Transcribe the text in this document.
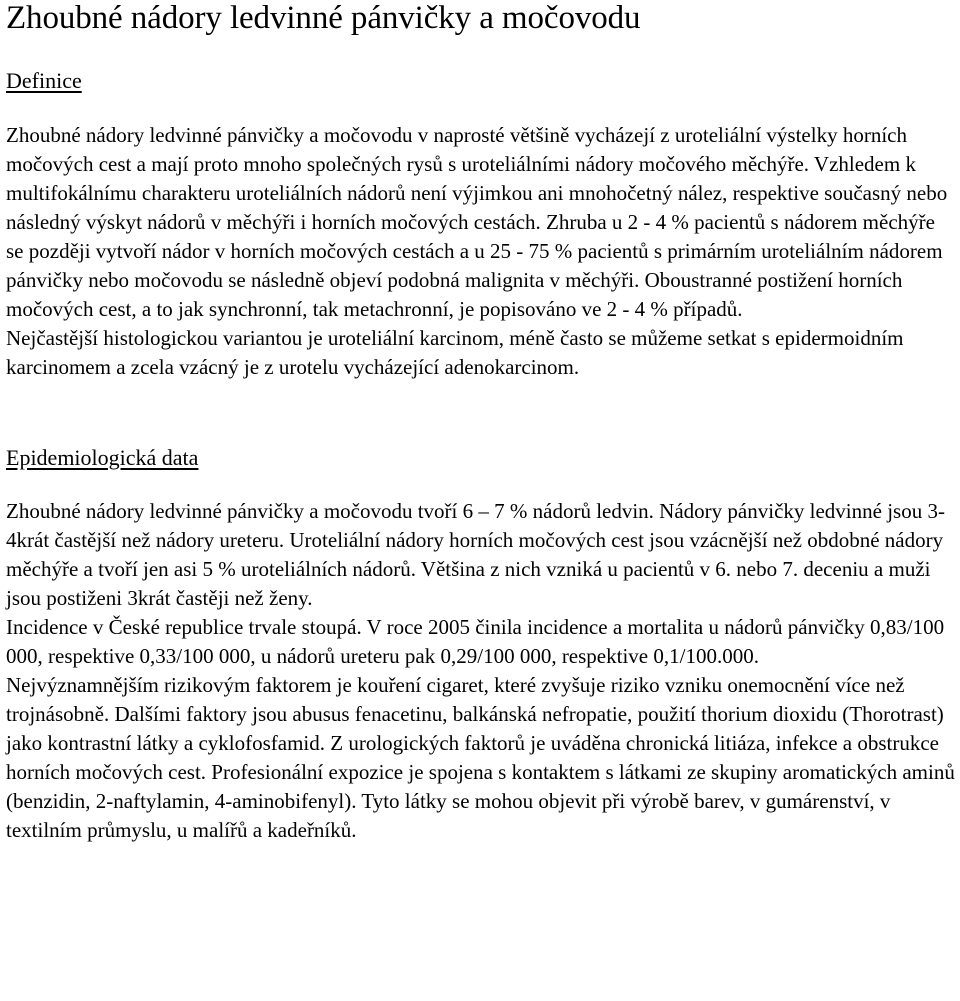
Zhoubné nádory ledvinné pánvičky a močovodu
Definice

Zhoubné nádory ledvinné pánvičky a močovodu v naprosté většině vycházejí z uroteliální výstelky horních močových cest a mají proto mnoho společných rysů s uroteliálními nádory močového měchýře. Vzhledem k multifokálnímu charakteru uroteliálních nádorů není výjimkou ani mnohočetný nález, respektive současný nebo následný výskyt nádorů v měchýři i horních močových cestách. Zhruba u 2 - 4 % pacientů s nádorem měchýře se později vytvoří nádor v horních močových cestách a u 25 - 75 % pacientů s primárním uroteliálním nádorem pánvičky nebo močovodu se následně objeví podobná malignita v měchýři. Oboustranné postižení horních močových cest, a to jak synchronní, tak metachronní, je popisováno ve 2 - 4 % případů.

Nejčastější histologickou variantou je uroteliální karcinom, méně často se můžeme setkat s epidermoidním karcinomem a zcela vzácný je z urotelu vycházející adenokarcinom.

Epidemiologická data

Zhoubné nádory ledvinné pánvičky a močovodu tvoří 6 – 7 % nádorů ledvin. Nádory pánvičky ledvinné jsou 3-4krát častější než nádory ureteru. Uroteliální nádory horních močových cest jsou vzácnější než obdobné nádory měchýře a tvoří jen asi 5 % uroteliálních nádorů. Většina z nich vzniká u pacientů v 6. nebo 7. deceniu a muži jsou postiženi 3krát častěji než ženy.

Incidence v České republice trvale stoupá. V roce 2005 činila incidence a mortalita u nádorů pánvičky 0,83/100 000, respektive 0,33/100 000, u nádorů ureteru pak 0,29/100 000, respektive 0,1/100.000.

Nejvýznamnějším rizikovým faktorem je kouření cigaret, které zvyšuje riziko vzniku onemocnění více než trojnásobně. Dalšími faktory jsou abusus fenacetinu, balkánská nefropatie, použití thorium dioxidu (Thorotrast) jako kontrastní látky a cyklofosfamid. Z urologických faktorů je uváděna chronická litiáza, infekce a obstrukce horních močových cest. Profesionální expozice je spojena s kontaktem s látkami ze skupiny aromatických aminů (benzidin, 2-naftylamin, 4-aminobifenyl). Tyto látky se mohou objevit při výrobě barev, v gumárenství, v textilním průmyslu, u malířů a kadeřníků.
